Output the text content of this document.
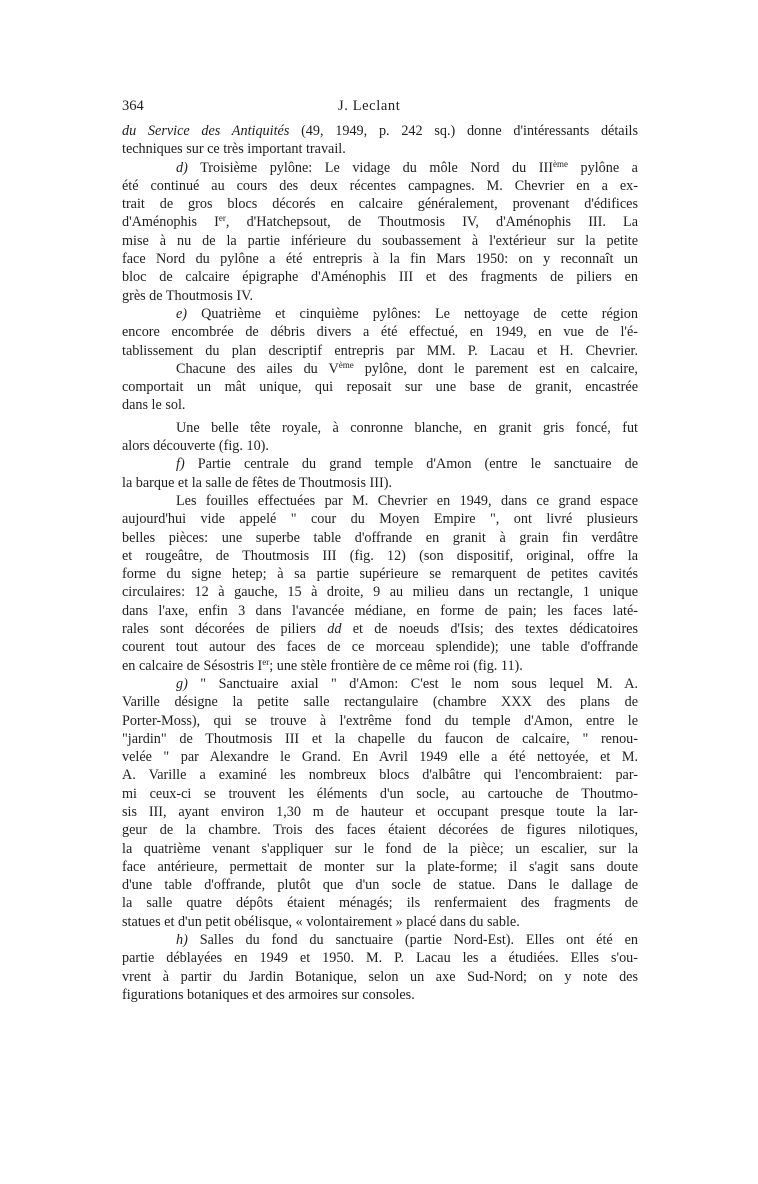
364	J. Leclant
du Service des Antiquités (49, 1949, p. 242 sq.) donne d'intéressants détails
techniques sur ce très important travail.
d) Troisième pylône: Le vidage du môle Nord du IIIème pylône a
été continué au cours des deux récentes campagnes. M. Chevrier en a ex-
trait de gros blocs décorés en calcaire généralement, provenant d'édifices
d'Aménophis Ier, d'Hatchepsout, de Thoutmosis IV, d'Aménophis III. La
mise à nu de la partie inférieure du soubassement à l'extérieur sur la petite
face Nord du pylône a été entrepris à la fin Mars 1950: on y reconnaît un
bloc de calcaire épigraphe d'Aménophis III et des fragments de piliers en
grès de Thoutmosis IV.
e) Quatrième et cinquième pylônes: Le nettoyage de cette région
encore encombrée de débris divers a été effectué, en 1949, en vue de l'é-
tablissement du plan descriptif entrepris par MM. P. Lacau et H. Chevrier.
Chacune des ailes du Vème pylône, dont le parement est en calcaire,
comportait un mât unique, qui reposait sur une base de granit, encastrée
dans le sol.
Une belle tête royale, à conronne blanche, en granit gris foncé, fut
alors découverte (fig. 10).
f) Partie centrale du grand temple d'Amon (entre le sanctuaire de
la barque et la salle de fêtes de Thoutmosis III).
Les fouilles effectuées par M. Chevrier en 1949, dans ce grand espace
aujourd'hui vide appelé " cour du Moyen Empire ", ont livré plusieurs
belles pièces: une superbe table d'offrande en granit à grain fin verdâtre
et rougeâtre, de Thoutmosis III (fig. 12) (son dispositif, original, offre la
forme du signe hetep; à sa partie supérieure se remarquent de petites cavités
circulaires: 12 à gauche, 15 à droite, 9 au milieu dans un rectangle, 1 unique
dans l'axe, enfin 3 dans l'avancée médiane, en forme de pain; les faces laté-
rales sont décorées de piliers dd et de noeuds d'Isis; des textes dédicatoires
courent tout autour des faces de ce morceau splendide); une table d'offrande
en calcaire de Sésostris Ier; une stèle frontière de ce même roi (fig. 11).
g) " Sanctuaire axial " d'Amon: C'est le nom sous lequel M. A.
Varille désigne la petite salle rectangulaire (chambre XXX des plans de
Porter-Moss), qui se trouve à l'extrême fond du temple d'Amon, entre le
"jardin" de Thoutmosis III et la chapelle du faucon de calcaire, " renou-
velée " par Alexandre le Grand. En Avril 1949 elle a été nettoyée, et M.
A. Varille a examiné les nombreux blocs d'albâtre qui l'encombraient: par-
mi ceux-ci se trouvent les éléments d'un socle, au cartouche de Thoutmo-
sis III, ayant environ 1,30 m de hauteur et occupant presque toute la lar-
geur de la chambre. Trois des faces étaient décorées de figures nilotiques,
la quatrième venant s'appliquer sur le fond de la pièce; un escalier, sur la
face antérieure, permettait de monter sur la plate-forme; il s'agit sans doute
d'une table d'offrande, plutôt que d'un socle de statue. Dans le dallage de
la salle quatre dépôts étaient ménagés; ils renfermaient des fragments de
statues et d'un petit obélisque, « volontairement » placé dans du sable.
h) Salles du fond du sanctuaire (partie Nord-Est). Elles ont été en
partie déblayées en 1949 et 1950. M. P. Lacau les a étudiées. Elles s'ou-
vrent à partir du Jardin Botanique, selon un axe Sud-Nord; on y note des
figurations botaniques et des armoires sur consoles.
